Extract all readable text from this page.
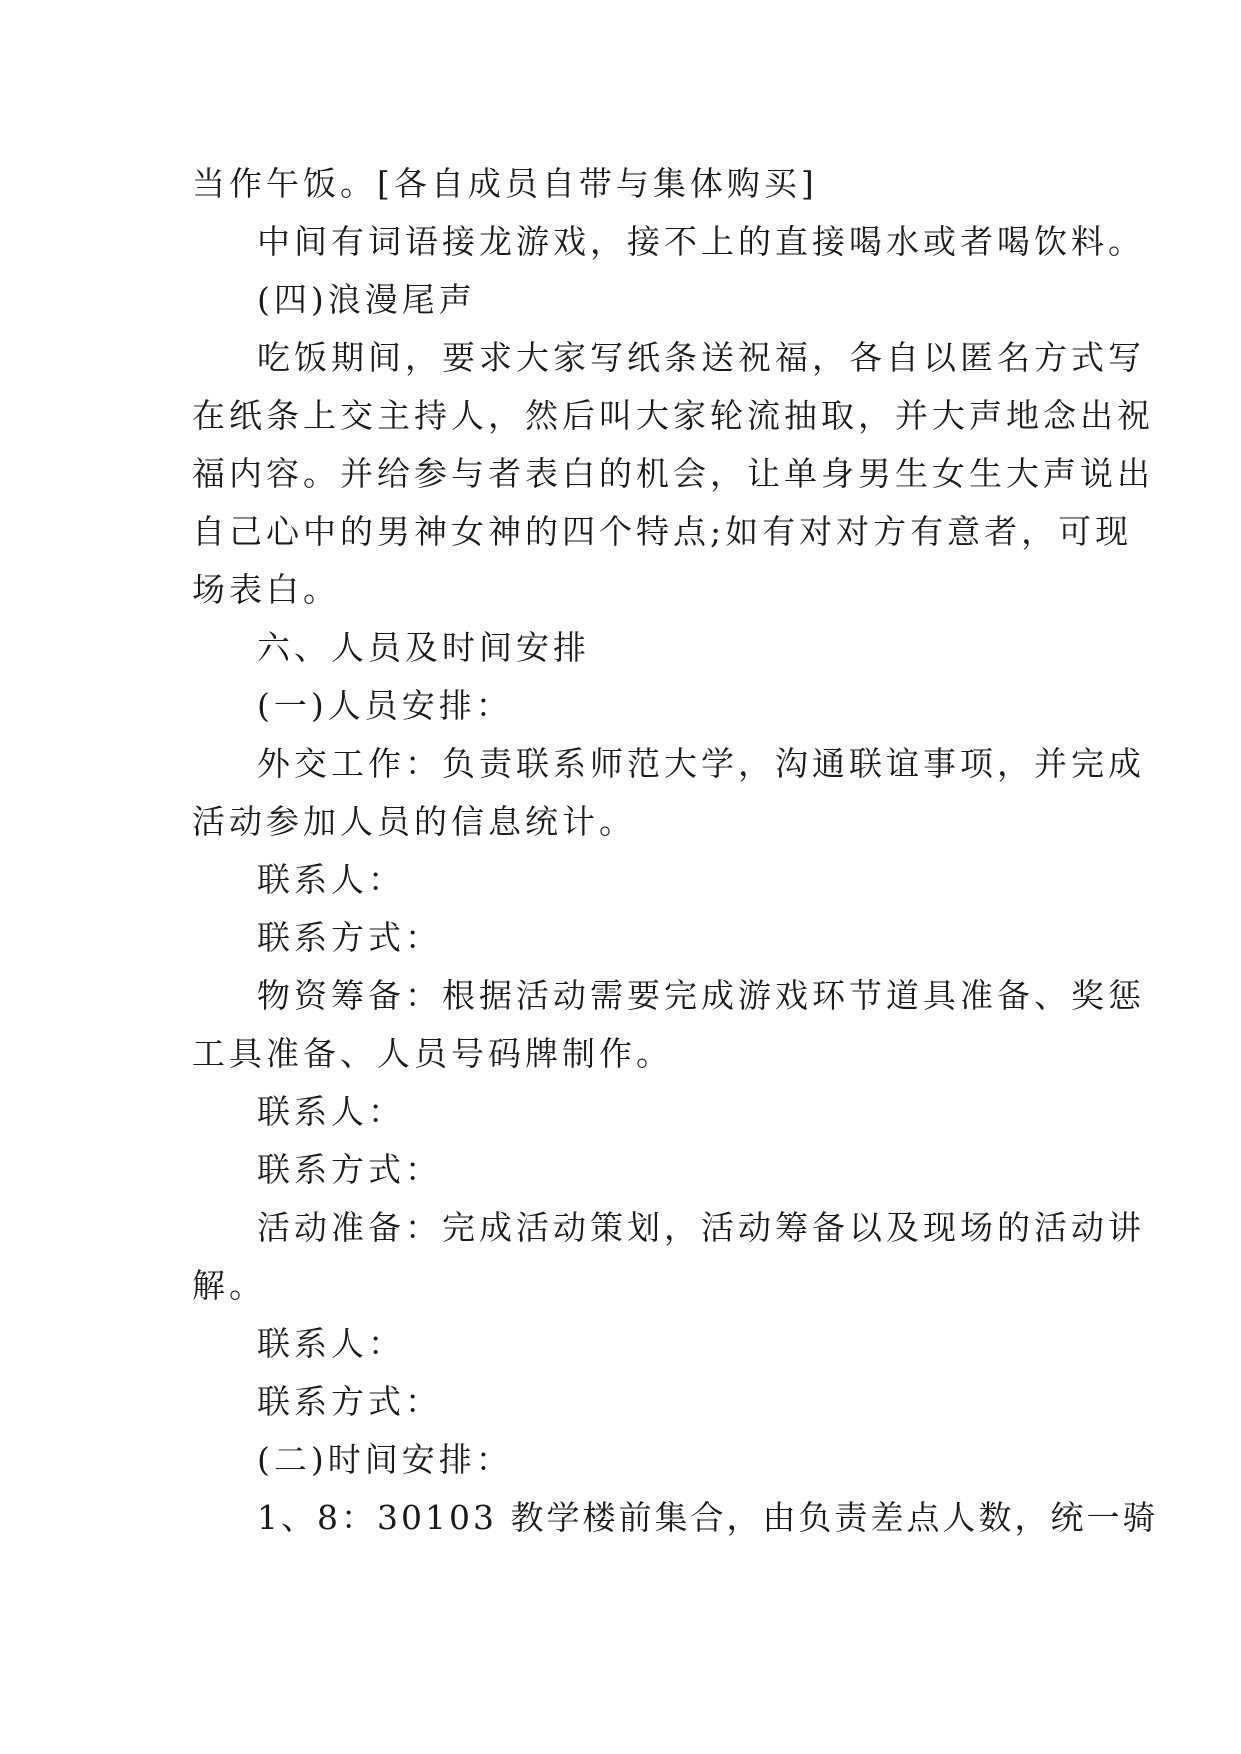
当作午饭。[各自成员自带与集体购买]
中间有词语接龙游戏，接不上的直接喝水或者喝饮料。
(四)浪漫尾声
吃饭期间，要求大家写纸条送祝福，各自以匿名方式写
在纸条上交主持人，然后叫大家轮流抽取，并大声地念出祝
福内容。并给参与者表白的机会，让单身男生女生大声说出
自己心中的男神女神的四个特点;如有对对方有意者，可现
场表白。
六、人员及时间安排
(一)人员安排：
外交工作：负责联系师范大学，沟通联谊事项，并完成
活动参加人员的信息统计。
联系人：
联系方式：
物资筹备：根据活动需要完成游戏环节道具准备、奖惩
工具准备、人员号码牌制作。
联系人：
联系方式：
活动准备：完成活动策划，活动筹备以及现场的活动讲
解。
联系人：
联系方式：
(二)时间安排：
1、8：30103 教学楼前集合，由负责差点人数，统一骑
